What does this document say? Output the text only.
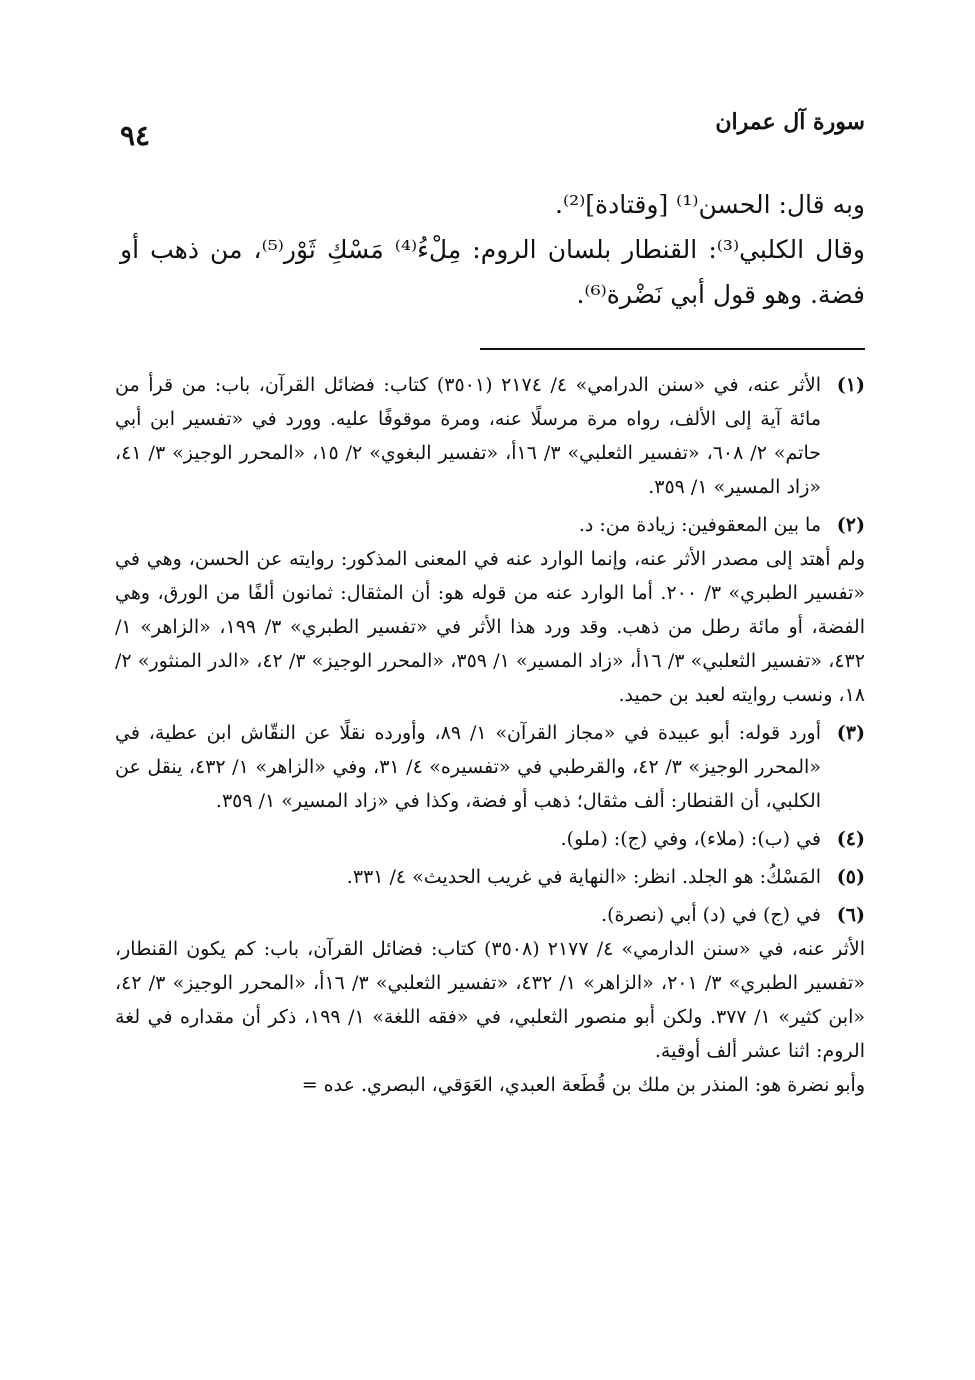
٩٤	سورة آل عمران

وبه قال: الحسن⁽¹⁾ [وقتادة]⁽²⁾.

وقال الكلبي⁽³⁾: القنطار بلسان الروم: مِلْءُ⁽⁴⁾ مَسْكِ ثَوْر⁽⁵⁾، من ذهب أو فضة. وهو قول أبي نَضْرة⁽⁶⁾.

(١)

الأثر عنه، في «سنن الدرامي» ٤/ ٢١٧٤ (٣٥٠١) كتاب: فضائل القرآن، باب: من قرأ من مائة آية إلى الألف، رواه مرة مرسلًا عنه، ومرة موقوفًا عليه. وورد في «تفسير ابن أبي حاتم» ٢/ ٦٠٨، «تفسير الثعلبي» ٣/ ١٦أ، «تفسير البغوي» ٢/ ١٥، «المحرر الوجيز» ٣/ ٤١، «زاد المسير» ١/ ٣٥٩.

(٢)

ما بين المعقوفين: زيادة من: د.

ولم أهتد إلى مصدر الأثر عنه، وإنما الوارد عنه في المعنى المذكور: روايته عن الحسن، وهي في «تفسير الطبري» ٣/ ٢٠٠. أما الوارد عنه من قوله هو: أن المثقال: ثمانون ألفًا من الورق، وهي الفضة، أو مائة رطل من ذهب. وقد ورد هذا الأثر في «تفسير الطبري» ٣/ ١٩٩، «الزاهر» ١/ ٤٣٢، «تفسير الثعلبي» ٣/ ١٦أ، «زاد المسير» ١/ ٣٥٩، «المحرر الوجيز» ٣/ ٤٢، «الدر المنثور» ٢/ ١٨، ونسب روايته لعبد بن حميد.

(٣)

أورد قوله: أبو عبيدة في «مجاز القرآن» ١/ ٨٩، وأورده نقلًا عن النقّاش ابن عطية، في «المحرر الوجيز» ٣/ ٤٢، والقرطبي في «تفسيره» ٤/ ٣١، وفي «الزاهر» ١/ ٤٣٢، ينقل عن الكلبي، أن القنطار: ألف مثقال؛ ذهب أو فضة، وكذا في «زاد المسير» ١/ ٣٥٩.

(٤)

في (ب): (ملاء)، وفي (ج): (ملو).

(٥)

المَسْكُ: هو الجلد. انظر: «النهاية في غريب الحديث» ٤/ ٣٣١.

(٦)

في (ج) في (د) أبي (نصرة).

الأثر عنه، في «سنن الدارمي» ٤/ ٢١٧٧ (٣٥٠٨) كتاب: فضائل القرآن، باب: كم يكون القنطار، «تفسير الطبري» ٣/ ٢٠١، «الزاهر» ١/ ٤٣٢، «تفسير الثعلبي» ٣/ ١٦أ، «المحرر الوجيز» ٣/ ٤٢، «ابن كثير» ١/ ٣٧٧. ولكن أبو منصور الثعلبي، في «فقه اللغة» ١/ ١٩٩، ذكر أن مقداره في لغة الروم: اثنا عشر ألف أوقية.

وأبو نضرة هو: المنذر بن ملك بن قُطَعة العبدي، العَوَقي، البصري. عده =
